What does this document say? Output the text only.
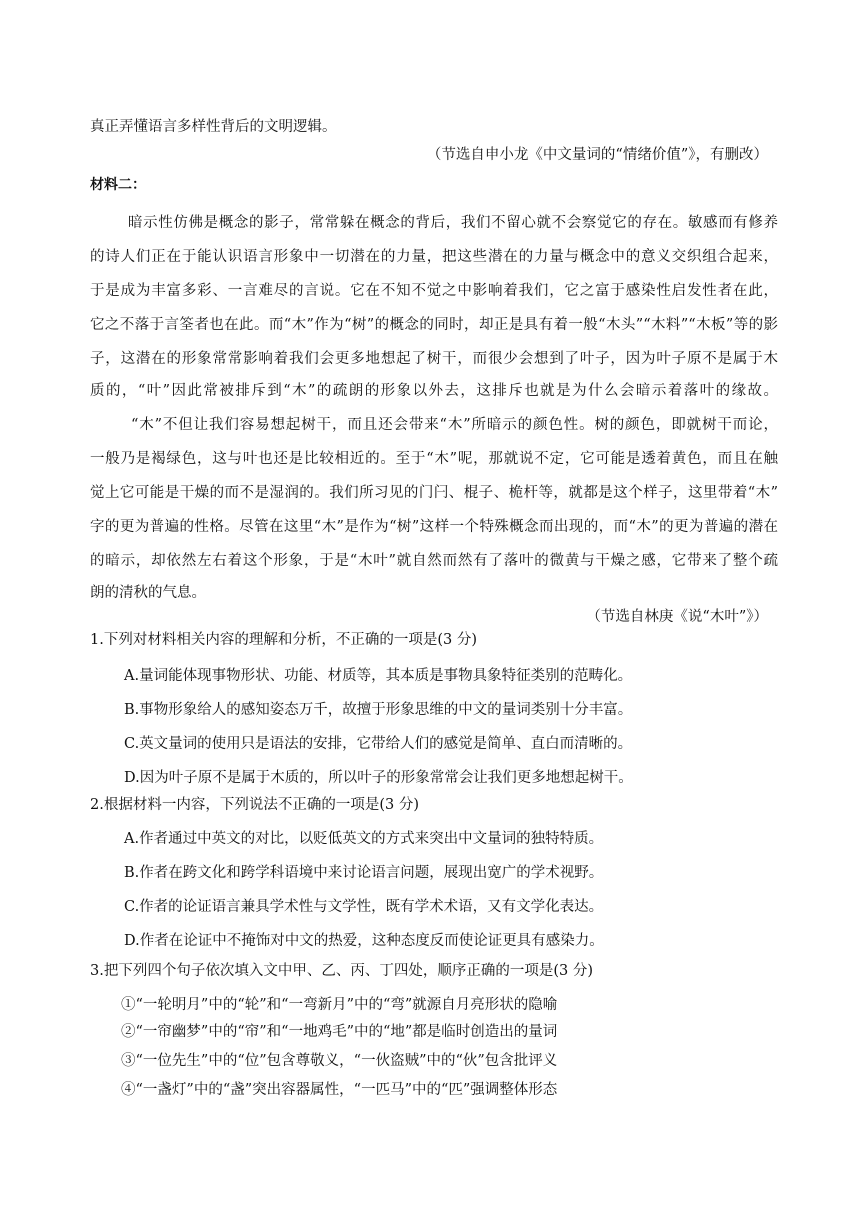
真正弄懂语言多样性背后的文明逻辑。
（节选自申小龙《中文量词的“情绪价值”》，有删改）
材料二：
暗示性仿佛是概念的影子，常常躲在概念的背后，我们不留心就不会察觉它的存在。敏感而有修养
的诗人们正在于能认识语言形象中一切潜在的力量，把这些潜在的力量与概念中的意义交织组合起来，
于是成为丰富多彩、一言难尽的言说。它在不知不觉之中影响着我们，它之富于感染性启发性者在此，
它之不落于言筌者也在此。而“木”作为“树”的概念的同时，却正是具有着一般“木头”“木料”“木板”等的影
子，这潜在的形象常常影响着我们会更多地想起了树干，而很少会想到了叶子，因为叶子原不是属于木
质的，“叶”因此常被排斥到“木”的疏朗的形象以外去，这排斥也就是为什么会暗示着落叶的缘故。
“木”不但让我们容易想起树干，而且还会带来“木”所暗示的颜色性。树的颜色，即就树干而论，
一般乃是褐绿色，这与叶也还是比较相近的。至于“木”呢，那就说不定，它可能是透着黄色，而且在触
觉上它可能是干燥的而不是湿润的。我们所习见的门闩、棍子、桅杆等，就都是这个样子，这里带着“木”
字的更为普遍的性格。尽管在这里“木”是作为“树”这样一个特殊概念而出现的，而“木”的更为普遍的潜在
的暗示，却依然左右着这个形象，于是“木叶”就自然而然有了落叶的微黄与干燥之感，它带来了整个疏
朗的清秋的气息。
（节选自林庚《说“木叶”》）
1.下列对材料相关内容的理解和分析，不正确的一项是(3 分)
A.量词能体现事物形状、功能、材质等，其本质是事物具象特征类别的范畴化。
B.事物形象给人的感知姿态万千，故擅于形象思维的中文的量词类别十分丰富。
C.英文量词的使用只是语法的安排，它带给人们的感觉是简单、直白而清晰的。
D.因为叶子原不是属于木质的，所以叶子的形象常常会让我们更多地想起树干。
2.根据材料一内容，下列说法不正确的一项是(3 分)
A.作者通过中英文的对比，以贬低英文的方式来突出中文量词的独特特质。
B.作者在跨文化和跨学科语境中来讨论语言问题，展现出宽广的学术视野。
C.作者的论证语言兼具学术性与文学性，既有学术术语，又有文学化表达。
D.作者在论证中不掩饰对中文的热爱，这种态度反而使论证更具有感染力。
3.把下列四个句子依次填入文中甲、乙、丙、丁四处，顺序正确的一项是(3 分)
①“一轮明月”中的“轮”和“一弯新月”中的“弯”就源自月亮形状的隐喻
②“一帘幽梦”中的“帘”和“一地鸡毛”中的“地”都是临时创造出的量词
③“一位先生”中的“位”包含尊敬义，“一伙盗贼”中的“伙”包含批评义
④“一盏灯”中的“盏”突出容器属性，“一匹马”中的“匹”强调整体形态
